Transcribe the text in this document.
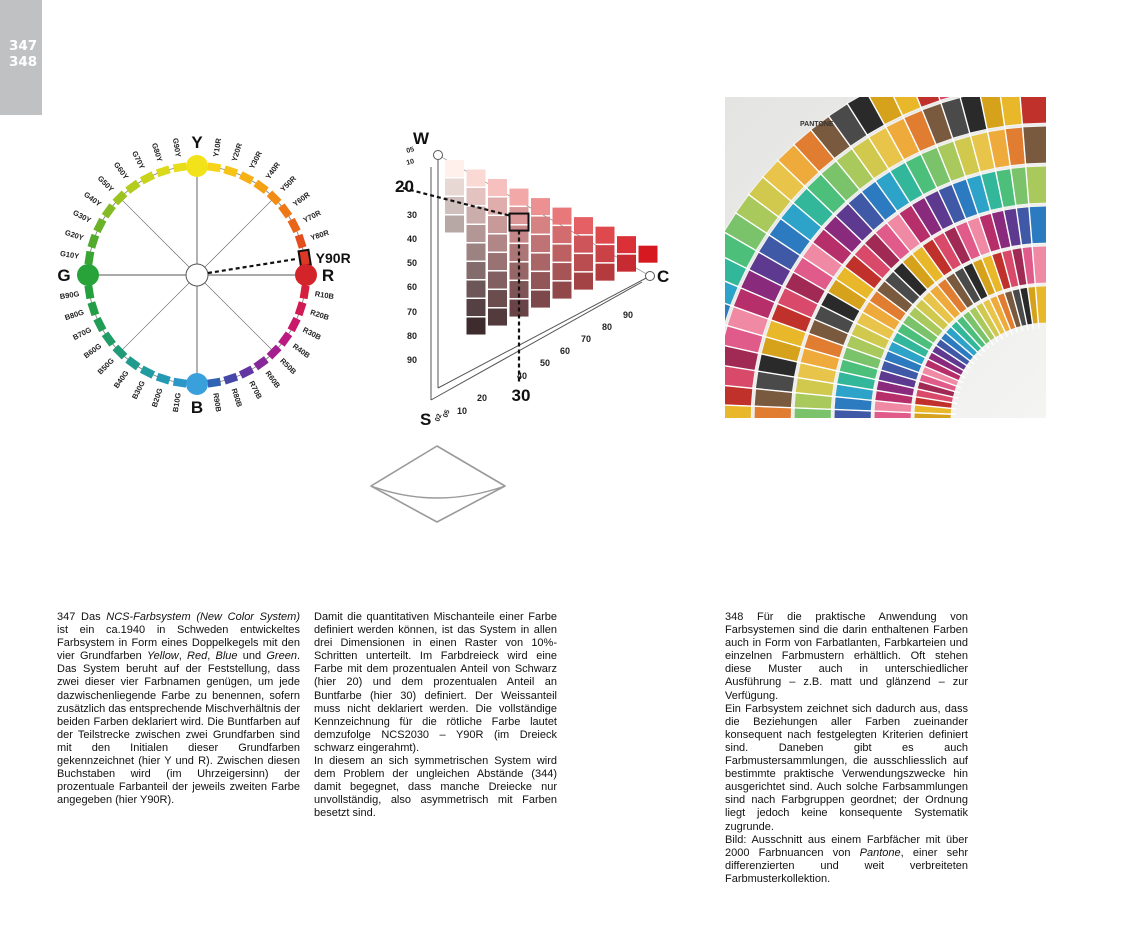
347
348
Y10R Y20R Y30R
Y40R
Y50R
Y60R
Y70R
Y80R
R10B
R20B
R30B
R40B
R50B
R60B
R70B
R80B
R90B
B10G
B20G
B30G
B40G
B50G
B60G
B70G
B80G
B90G
G10Y
G20Y
G30Y
G40Y
G50Y
G60Y G70Y G80Y G90Y
Y90R
Y
R
B
G
20
30
W
C
S
05
10
30
40
50
60
70
80
90
02
05 10
20
40
50
60
70
80
90
PANTONE

347 Das NCS-Farbsystem (New Color System) ist ein ca.1940 in Schweden entwickeltes Farbsystem in Form eines Doppelkegels mit den vier Grundfarben Yellow, Red, Blue und Green. Das System beruht auf der Feststellung, dass zwei dieser vier Farbnamen genügen, um jede dazwischenliegende Farbe zu benennen, sofern zusätzlich das entsprechende Mischverhältnis der beiden Farben deklariert wird. Die Buntfarben auf der Teilstrecke zwischen zwei Grundfarben sind mit den Initialen dieser Grundfarben gekennzeichnet (hier Y und R). Zwischen diesen Buchstaben wird (im Uhrzeigersinn) der prozentuale Farbanteil der jeweils zweiten Farbe angegeben (hier Y90R).

Damit die quantitativen Mischanteile einer Farbe definiert werden können, ist das System in allen drei Dimensionen in einen Raster von 10%-Schritten unterteilt. Im Farbdreieck wird eine Farbe mit dem prozentualen Anteil von Schwarz (hier 20) und dem prozentualen Anteil an Buntfarbe (hier 30) definiert. Der Weissanteil muss nicht deklariert werden. Die vollständige Kennzeichnung für die rötliche Farbe lautet demzufolge NCS2030 – Y90R (im Dreieck schwarz eingerahmt).

In diesem an sich symmetrischen System wird dem Problem der ungleichen Abstände (344) damit begegnet, dass manche Dreiecke nur unvollständig, also asymmetrisch mit Farben besetzt sind.

348 Für die praktische Anwendung von Farbsystemen sind die darin enthaltenen Farben auch in Form von Farbatlanten, Farbkarteien und einzelnen Farbmustern erhältlich. Oft stehen diese Muster auch in unterschiedlicher Ausführung – z.B. matt und glänzend – zur Verfügung.

Ein Farbsystem zeichnet sich dadurch aus, dass die Beziehungen aller Farben zueinander konsequent nach festgelegten Kriterien definiert sind. Daneben gibt es auch Farbmustersammlungen, die ausschliesslich auf bestimmte praktische Verwendungszwecke hin ausgerichtet sind. Auch solche Farbsammlungen sind nach Farbgruppen geordnet; der Ordnung liegt jedoch keine konsequente Systematik zugrunde.

Bild: Ausschnitt aus einem Farbfächer mit über 2000 Farbnuancen von Pantone, einer sehr differenzierten und weit verbreiteten Farbmusterkollektion.
